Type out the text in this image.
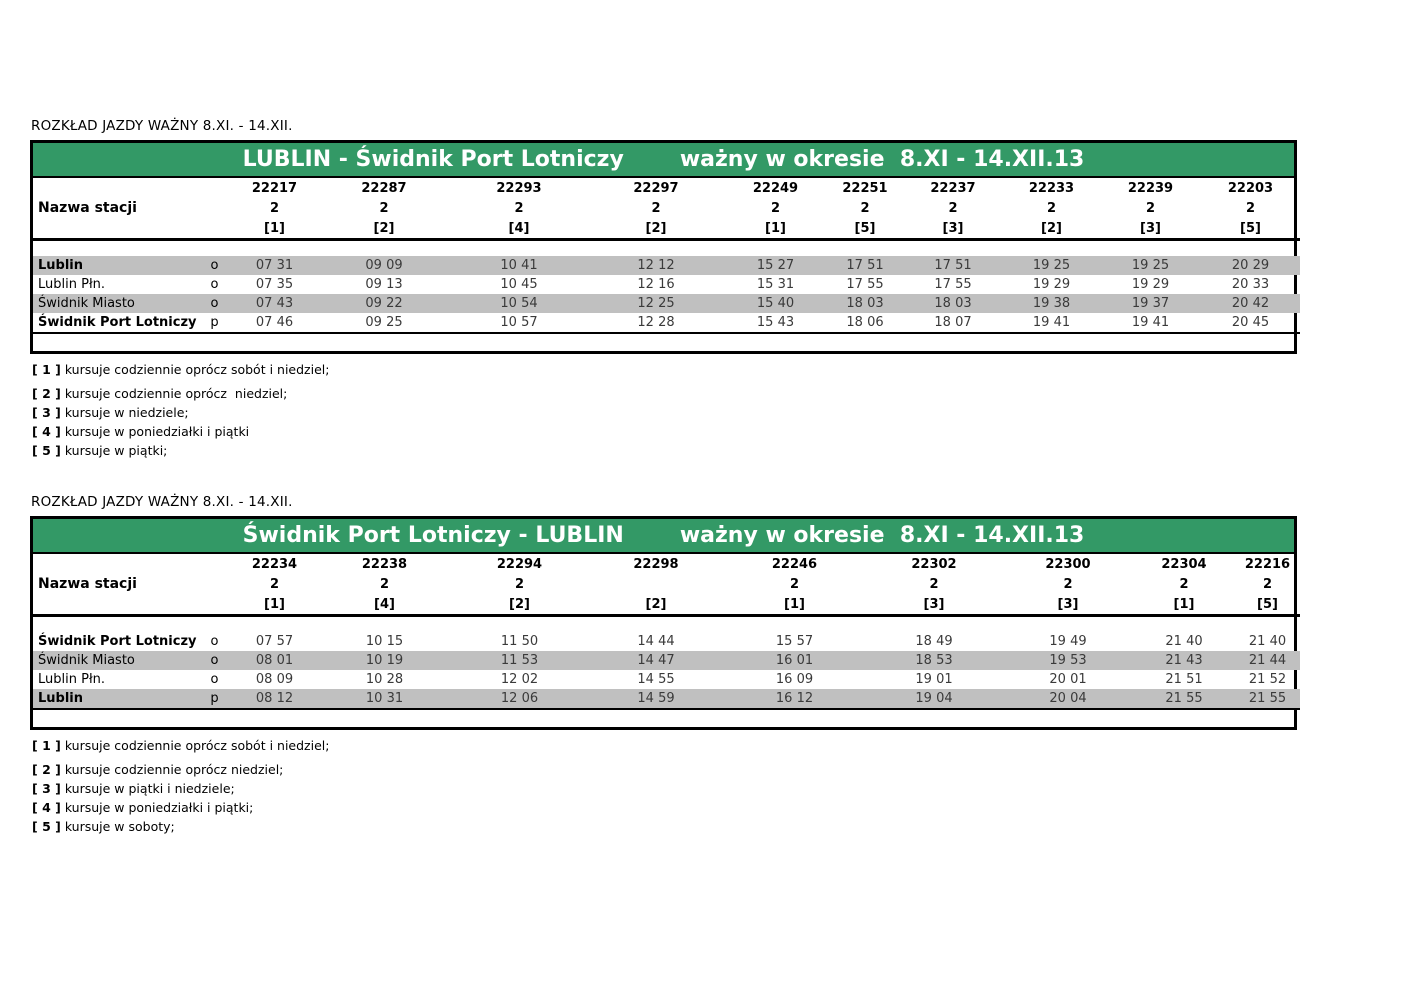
ROZKŁAD JAZDY WAŻNY 8.XI. - 14.XII.
LUBLIN - Świdnik Port Lotniczy	ważny w okresie  8.XI - 14.XII.13
Nazwa stacji		22217	22287	22293	22297	22249	22251	22237	22233	22239	22203
		2	2	2	2	2	2	2	2	2	2
		[1]	[2]	[4]	[2]	[1]	[5]	[3]	[2]	[3]	[5]

Lublin	o	07 31	09 09	10 41	12 12	15 27	17 51	17 51	19 25	19 25	20 29
Lublin Płn.	o	07 35	09 13	10 45	12 16	15 31	17 55	17 55	19 29	19 29	20 33
Świdnik Miasto	o	07 43	09 22	10 54	12 25	15 40	18 03	18 03	19 38	19 37	20 42
Świdnik Port Lotniczy	p	07 46	09 25	10 57	12 28	15 43	18 06	18 07	19 41	19 41	20 45

[ 1 ] kursuje codziennie oprócz sobót i niedziel;
[ 2 ] kursuje codziennie oprócz  niedziel;
[ 3 ] kursuje w niedziele;
[ 4 ] kursuje w poniedziałki i piątki
[ 5 ] kursuje w piątki;
ROZKŁAD JAZDY WAŻNY 8.XI. - 14.XII.
Świdnik Port Lotniczy - LUBLIN	ważny w okresie  8.XI - 14.XII.13
Nazwa stacji		22234	22238	22294	22298	22246	22302	22300	22304	22216
		2	2	2		2	2	2	2	2
		[1]	[4]	[2]	[2]	[1]	[3]	[3]	[1]	[5]

Świdnik Port Lotniczy	o	07 57	10 15	11 50	14 44	15 57	18 49	19 49	21 40	21 40
Świdnik Miasto	o	08 01	10 19	11 53	14 47	16 01	18 53	19 53	21 43	21 44
Lublin Płn.	o	08 09	10 28	12 02	14 55	16 09	19 01	20 01	21 51	21 52
Lublin	p	08 12	10 31	12 06	14 59	16 12	19 04	20 04	21 55	21 55

[ 1 ] kursuje codziennie oprócz sobót i niedziel;
[ 2 ] kursuje codziennie oprócz niedziel;
[ 3 ] kursuje w piątki i niedziele;
[ 4 ] kursuje w poniedziałki i piątki;
[ 5 ] kursuje w soboty;
